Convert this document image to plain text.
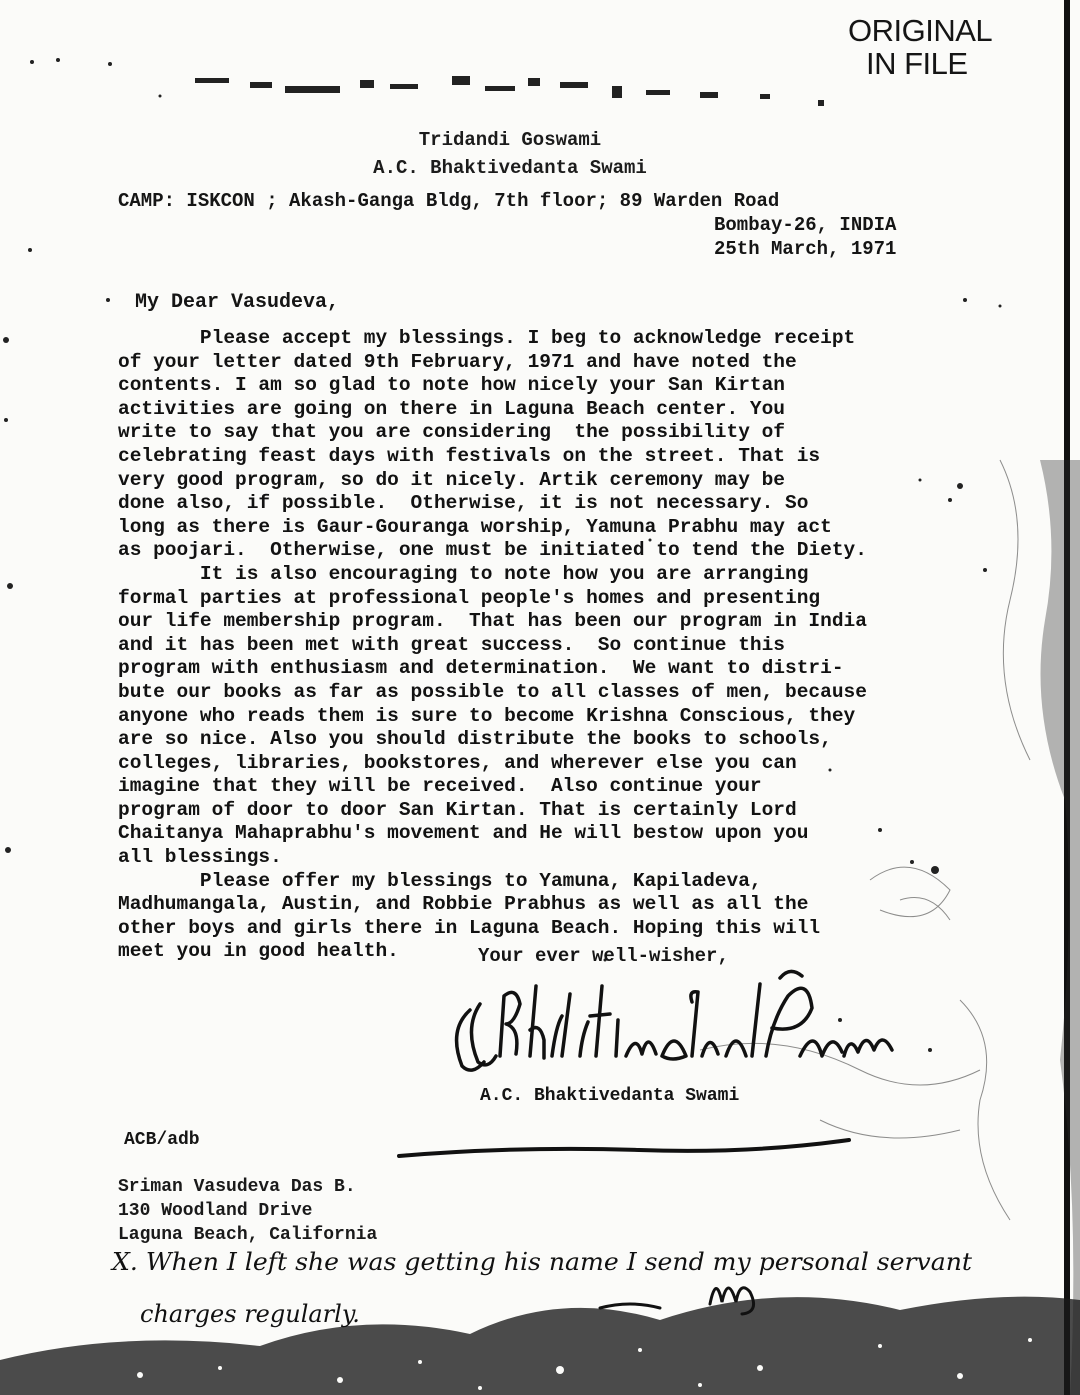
ORIGINAL
IN FILE
Tridandi Goswami
A.C. Bhaktivedanta Swami
CAMP: ISKCON ; Akash-Ganga Bldg, 7th floor; 89 Warden Road
Bombay-26, INDIA
25th March, 1971
My Dear Vasudeva,

Please accept my blessings. I beg to acknowledge receipt

of your letter dated 9th February, 1971 and have noted the

contents. I am so glad to note how nicely your San Kirtan

activities are going on there in Laguna Beach center. You

write to say that you are considering  the possibility of

celebrating feast days with festivals on the street. That is

very good program, so do it nicely. Artik ceremony may be

done also, if possible.  Otherwise, it is not necessary. So

long as there is Gaur-Gouranga worship, Yamuna Prabhu may act

as poojari.  Otherwise, one must be initiated to tend the Diety.

It is also encouraging to note how you are arranging

formal parties at professional people's homes and presenting

our life membership program.  That has been our program in India

and it has been met with great success.  So continue this

program with enthusiasm and determination.  We want to distri-

bute our books as far as possible to all classes of men, because

anyone who reads them is sure to become Krishna Conscious, they

are so nice. Also you should distribute the books to schools,

colleges, libraries, bookstores, and wherever else you can

imagine that they will be received.  Also continue your

program of door to door San Kirtan. That is certainly Lord

Chaitanya Mahaprabhu's movement and He will bestow upon you

all blessings.

Please offer my blessings to Yamuna, Kapiladeva,

Madhumangala, Austin, and Robbie Prabhus as well as all the

other boys and girls there in Laguna Beach. Hoping this will

meet you in good health.	Your ever well-wisher,
A.C. Bhaktivedanta Swami
ACB/adb
Sriman Vasudeva Das B.
130 Woodland Drive
Laguna Beach, California
X. When I left she was getting his name I send my personal servant
charges regularly.
